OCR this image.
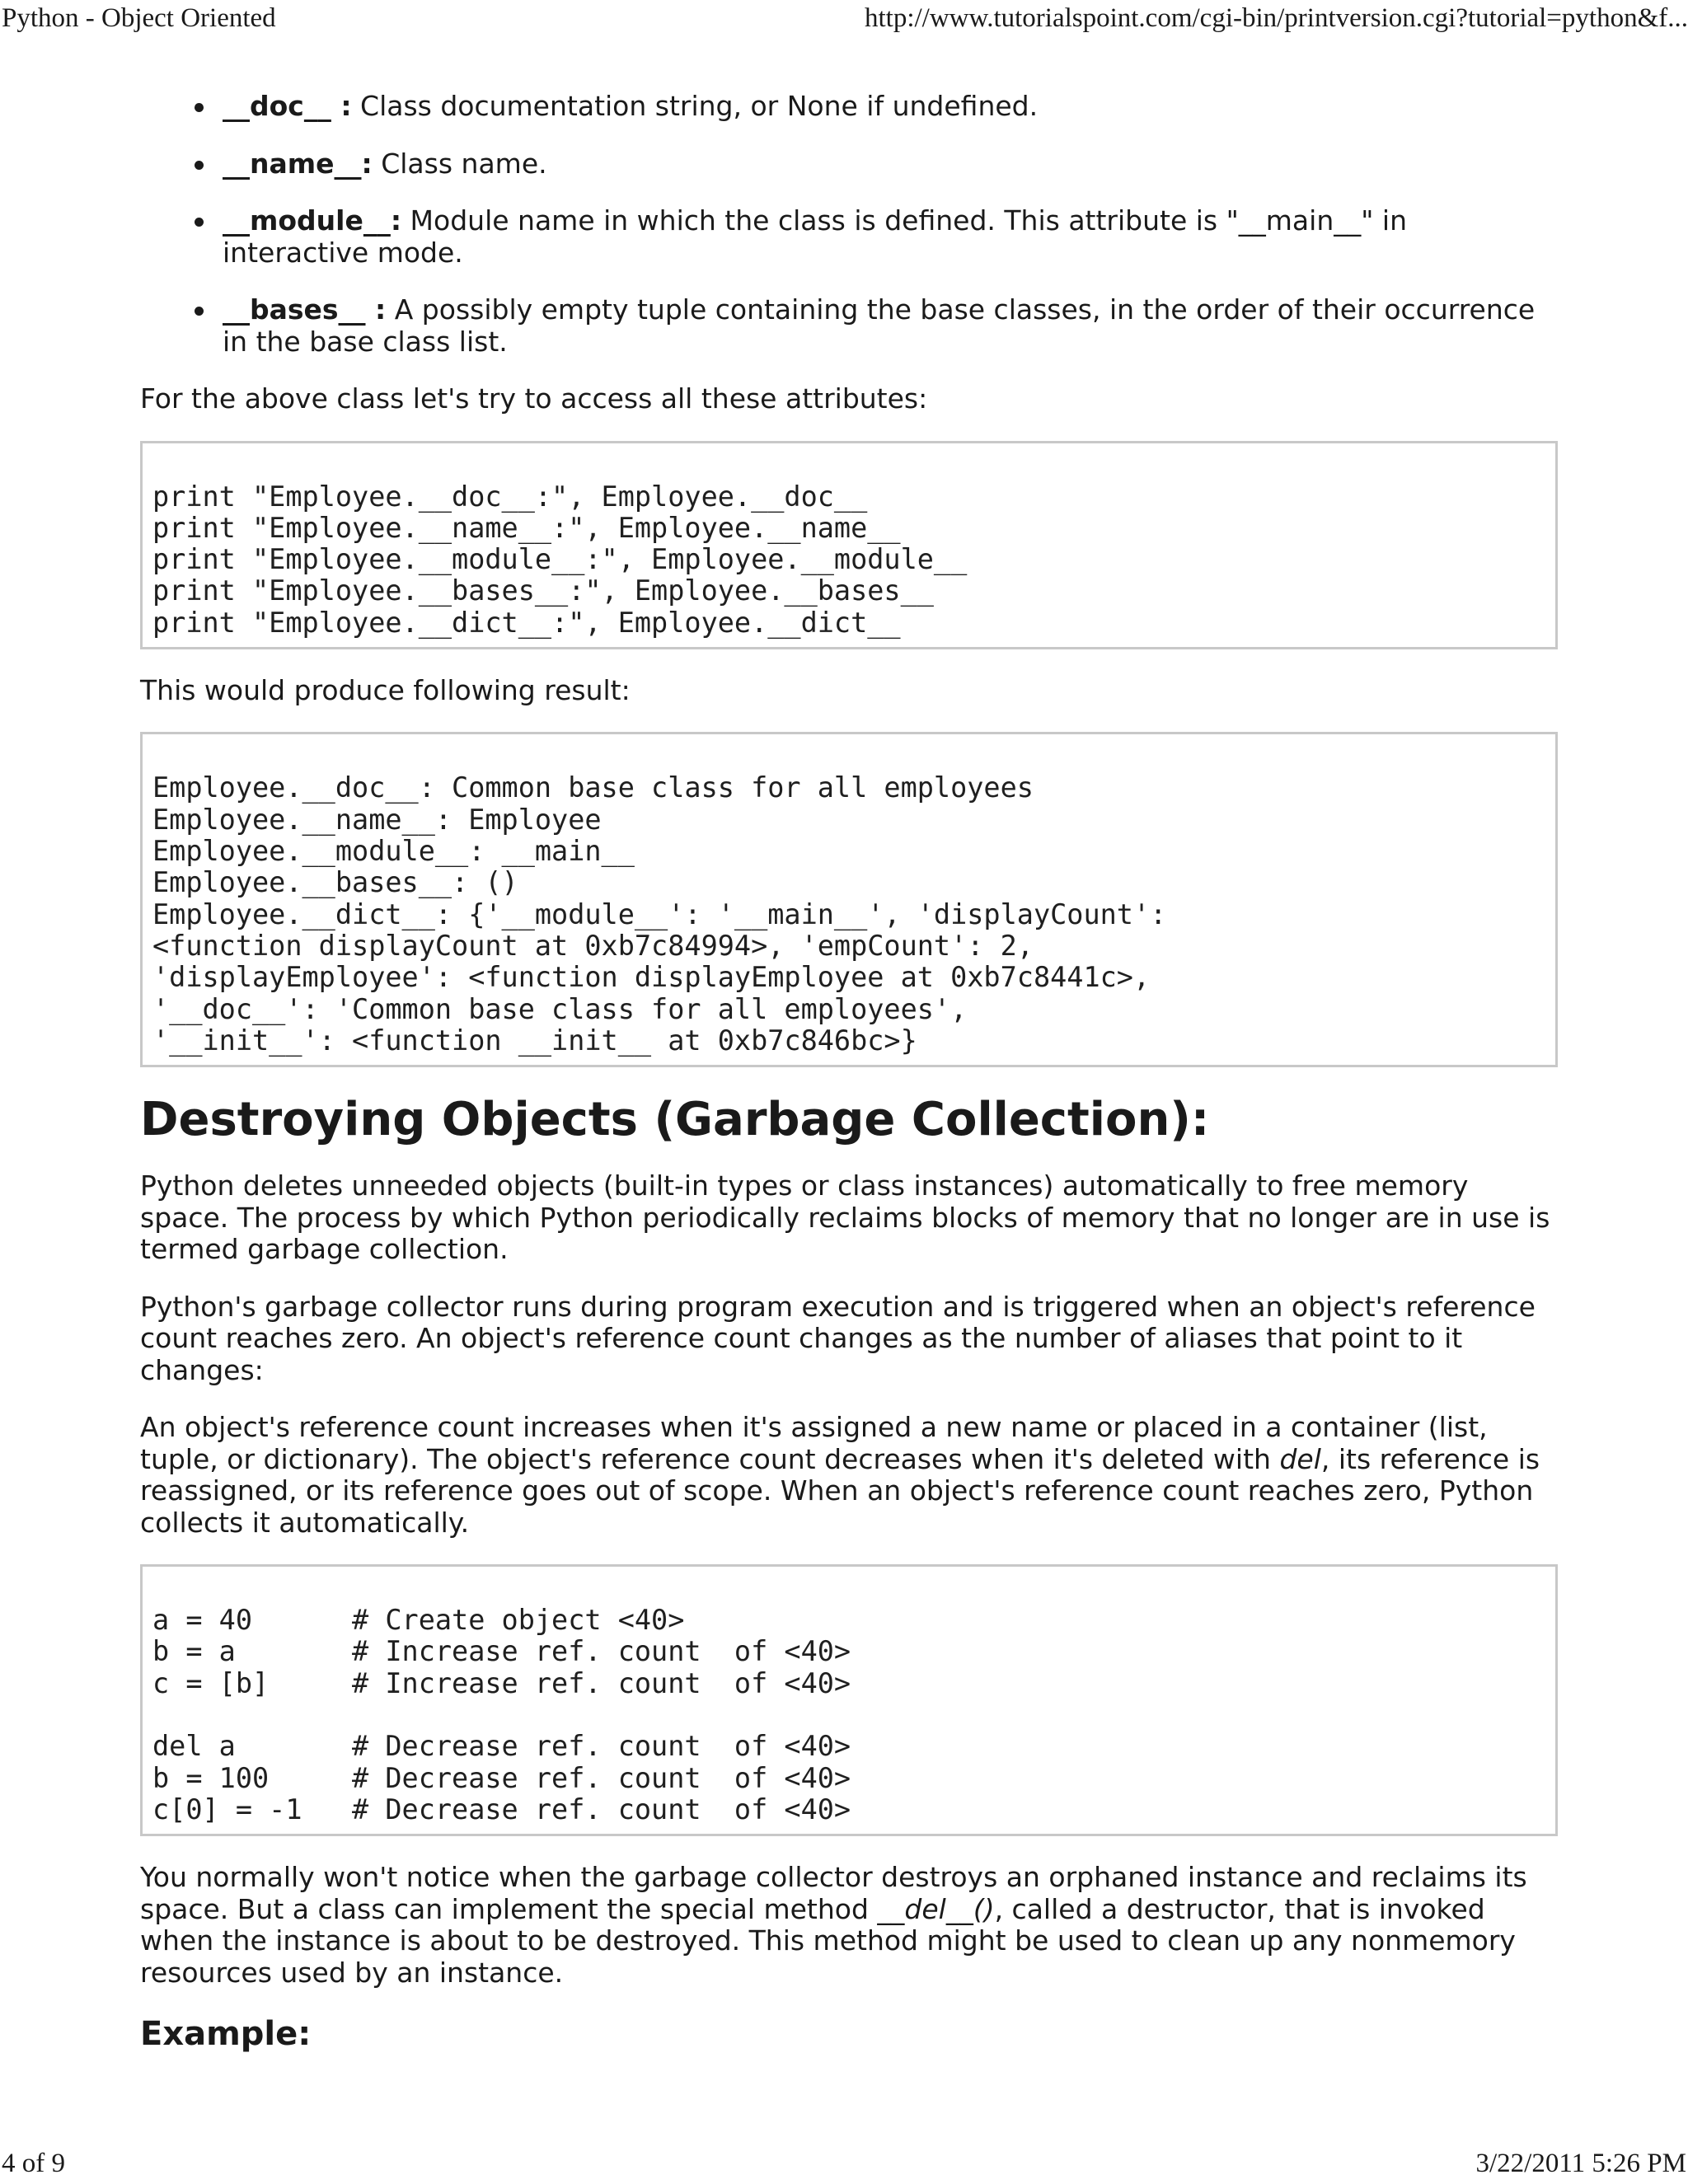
Python - Object Oriented	http://www.tutorialspoint.com/cgi-bin/printversion.cgi?tutorial=python&f...
__doc__ : Class documentation string, or None if undefined.
__name__: Class name.
__module__: Module name in which the class is defined. This attribute is "__main__" in interactive mode.
__bases__ : A possibly empty tuple containing the base classes, in the order of their occurrence in the base class list.

For the above class let's try to access all these attributes:

print "Employee.__doc__:", Employee.__doc__
print "Employee.__name__:", Employee.__name__
print "Employee.__module__:", Employee.__module__
print "Employee.__bases__:", Employee.__bases__
print "Employee.__dict__:", Employee.__dict__

This would produce following result:

Employee.__doc__: Common base class for all employees
Employee.__name__: Employee
Employee.__module__: __main__
Employee.__bases__: ()
Employee.__dict__: {'__module__': '__main__', 'displayCount':
<function displayCount at 0xb7c84994>, 'empCount': 2,
'displayEmployee': <function displayEmployee at 0xb7c8441c>,
'__doc__': 'Common base class for all employees',
'__init__': <function __init__ at 0xb7c846bc>}
Destroying Objects (Garbage Collection):

Python deletes unneeded objects (built-in types or class instances) automatically to free memory space. The process by which Python periodically reclaims blocks of memory that no longer are in use is termed garbage collection.

Python's garbage collector runs during program execution and is triggered when an object's reference count reaches zero. An object's reference count changes as the number of aliases that point to it changes:

An object's reference count increases when it's assigned a new name or placed in a container (list, tuple, or dictionary). The object's reference count decreases when it's deleted with del, its reference is reassigned, or its reference goes out of scope. When an object's reference count reaches zero, Python collects it automatically.

a = 40      # Create object <40>
b = a       # Increase ref. count  of <40>
c = [b]     # Increase ref. count  of <40>

del a       # Decrease ref. count  of <40>
b = 100     # Decrease ref. count  of <40>
c[0] = -1   # Decrease ref. count  of <40>

You normally won't notice when the garbage collector destroys an orphaned instance and reclaims its space. But a class can implement the special method __del__(), called a destructor, that is invoked when the instance is about to be destroyed. This method might be used to clean up any nonmemory resources used by an instance.

Example:
4 of 9	3/22/2011 5:26 PM
